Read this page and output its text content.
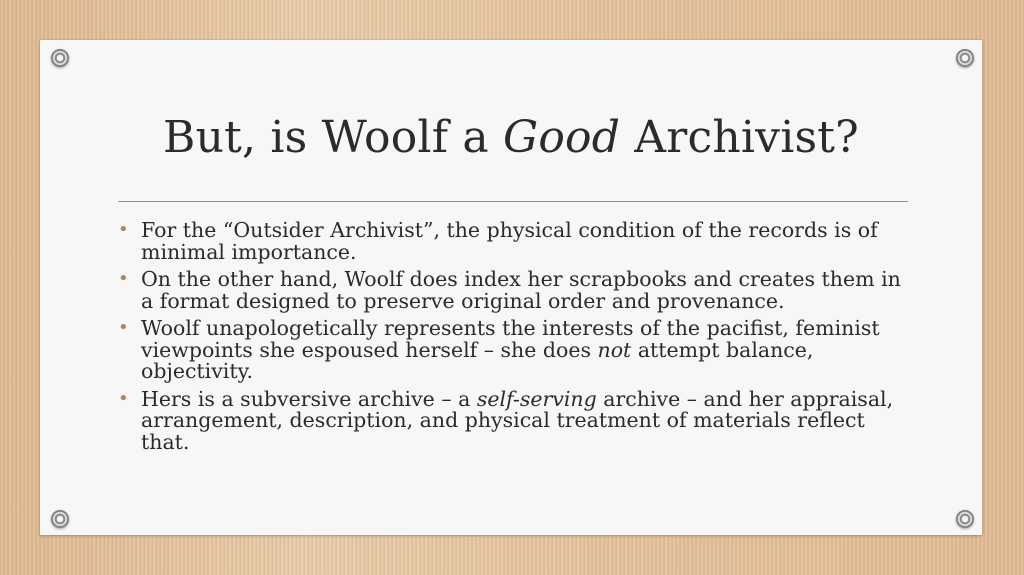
But, is Woolf a Good Archivist?
• For the “Outsider Archivist”, the physical condition of the records is of minimal importance.
• On the other hand, Woolf does index her scrapbooks and creates them in a format designed to preserve original order and provenance.
• Woolf unapologetically represents the interests of the pacifist, feminist viewpoints she espoused herself – she does not attempt balance, objectivity.
• Hers is a subversive archive – a self-serving archive – and her appraisal, arrangement, description, and physical treatment of materials reflect that.
